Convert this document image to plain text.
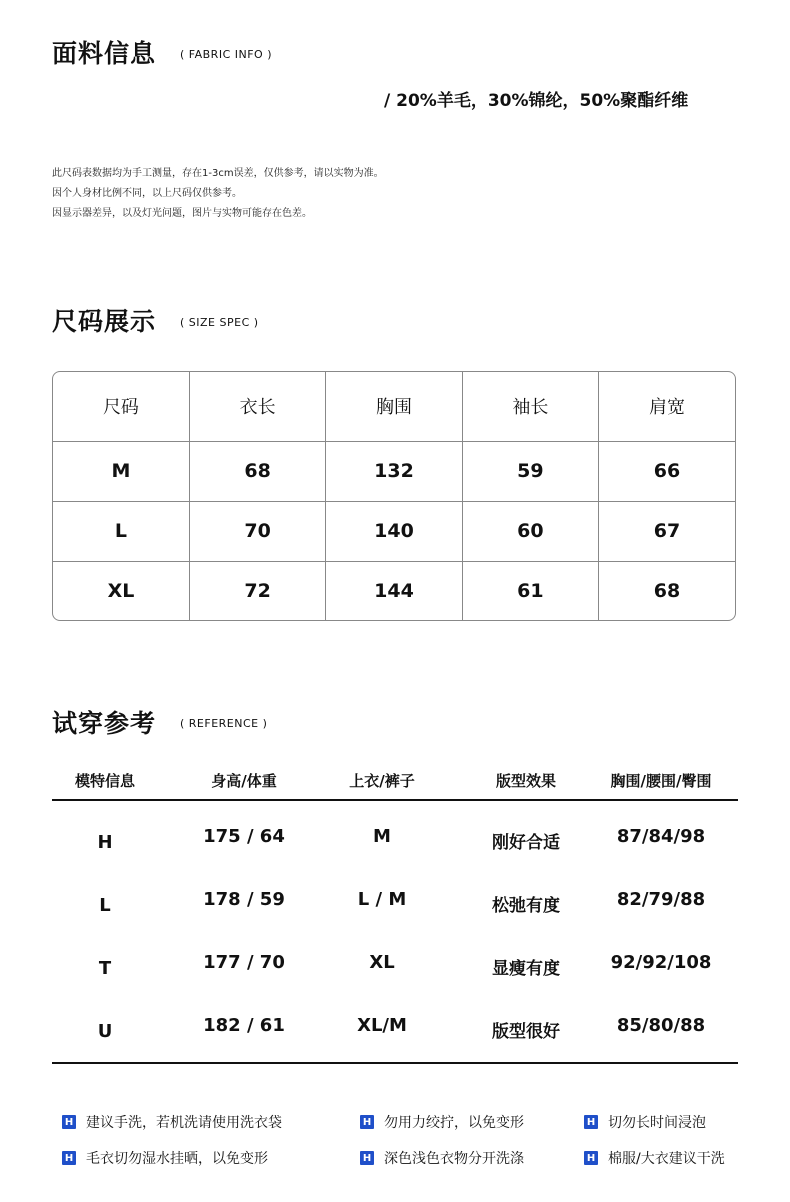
面料信息 ( FABRIC INFO )
/ 20%羊毛，30%锦纶，50%聚酯纤维
此尺码表数据均为手工测量，存在1-3cm误差，仅供参考，请以实物为准。
因个人身材比例不同，以上尺码仅供参考。
因显示器差异，以及灯光问题，图片与实物可能存在色差。
尺码展示 ( SIZE SPEC )
尺码	衣长	胸围	袖长	肩宽
M	68	132	59	66
L	70	140	60	67
XL	72	144	61	68
试穿参考 ( REFERENCE )
模特信息	身高/体重	上衣/裤子	版型效果	胸围/腰围/臀围
H	175 / 64	M	刚好合适	87/84/98
L	178 / 59	L / M	松弛有度	82/79/88
T	177 / 70	XL	显瘦有度	92/92/108
U	182 / 61	XL/M	版型很好	85/80/88
H 建议手洗，若机洗请使用洗衣袋	H 勿用力绞拧，以免变形	H 切勿长时间浸泡
H 毛衣切勿湿水挂晒，以免变形	H 深色浅色衣物分开洗涤	H 棉服/大衣建议干洗
